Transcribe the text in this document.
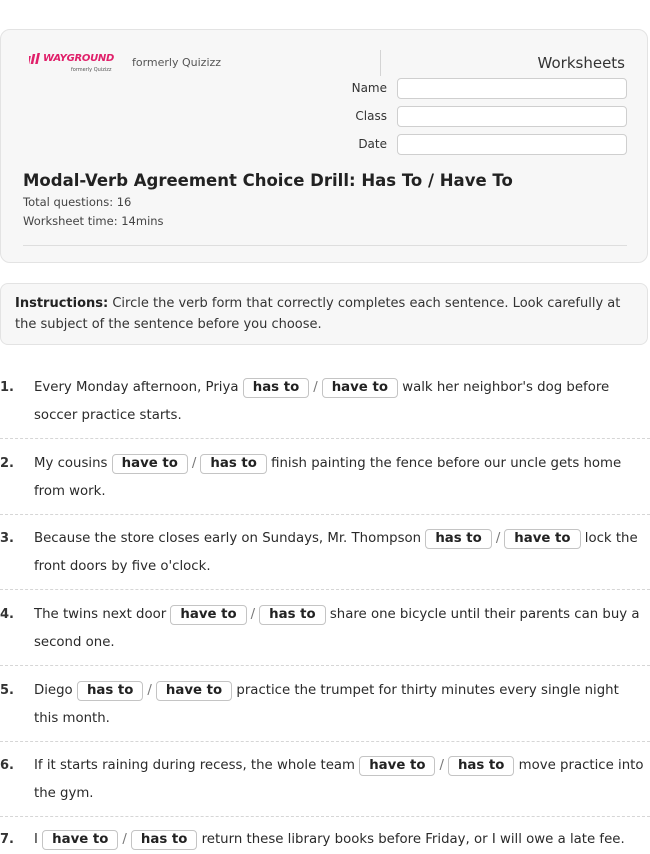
WAYGROUND
formerly Quizizz
formerly Quizizz	Worksheets
Name
Class
Date
Modal-Verb Agreement Choice Drill: Has To / Have To
Total questions: 16
Worksheet time: 14mins
Instructions: Circle the verb form that correctly completes each sentence. Look carefully at the subject of the sentence before you choose.
1. Every Monday afternoon, Priya has to / have to walk her neighbor's dog before soccer practice starts.
2. My cousins have to / has to finish painting the fence before our uncle gets home from work.
3. Because the store closes early on Sundays, Mr. Thompson has to / have to lock the front doors by five o'clock.
4. The twins next door have to / has to share one bicycle until their parents can buy a second one.
5. Diego has to / have to practice the trumpet for thirty minutes every single night this month.
6. If it starts raining during recess, the whole team have to / has to move practice into the gym.
7. I have to / has to return these library books before Friday, or I will owe a late fee.
